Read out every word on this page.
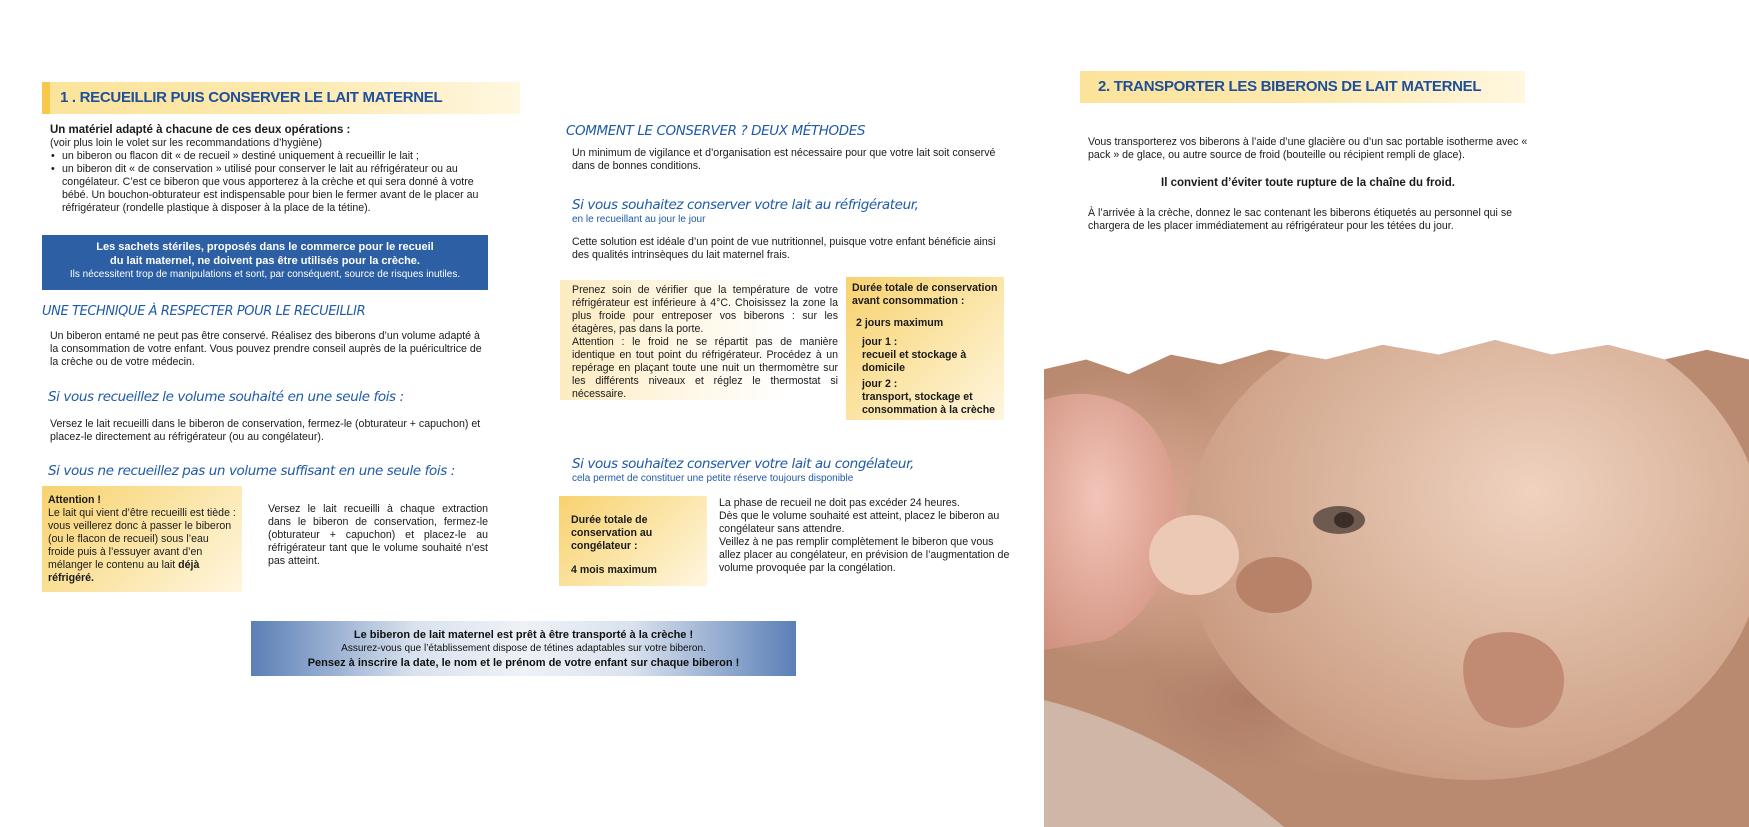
1 . RECUEILLIR PUIS CONSERVER LE LAIT MATERNEL
Un matériel adapté à chacune de ces deux opérations :
(voir plus loin le volet sur les recommandations d’hygiène)
• un biberon ou flacon dit « de recueil » destiné uniquement à recueillir le lait ;
• un biberon dit « de conservation » utilisé pour conserver le lait au réfrigérateur ou au congélateur. C’est ce biberon que vous apporterez à la crèche et qui sera donné à votre bébé. Un bouchon-obturateur est indispensable pour bien le fermer avant de le placer au réfrigérateur (rondelle plastique à disposer à la place de la tétine).
Les sachets stériles, proposés dans le commerce pour le recueil
du lait maternel, ne doivent pas être utilisés pour la crèche.
Ils nécessitent trop de manipulations et sont, par conséquent, source de risques inutiles.
UNE TECHNIQUE À RESPECTER POUR LE RECUEILLIR
Un biberon entamé ne peut pas être conservé. Réalisez des biberons d’un volume adapté à la consommation de votre enfant. Vous pouvez prendre conseil auprès de la puéricultrice de la crèche ou de votre médecin.
Si vous recueillez le volume souhaité en une seule fois :
Versez le lait recueilli dans le biberon de conservation, fermez-le (obturateur + capuchon) et placez-le directement au réfrigérateur (ou au congélateur).
Si vous ne recueillez pas un volume suffisant en une seule fois :
Attention !
Le lait qui vient d’être recueilli est tiède : vous veillerez donc à passer le biberon (ou le flacon de recueil) sous l’eau froide puis à l’essuyer avant d’en mélanger le contenu au lait déjà réfrigéré.
Versez le lait recueilli à chaque extraction dans le biberon de conservation, fermez-le (obturateur + capuchon) et placez-le au réfrigérateur tant que le volume souhaité n’est pas atteint.
Le biberon de lait maternel est prêt à être transporté à la crèche !
Assurez-vous que l’établissement dispose de tétines adaptables sur votre biberon.
Pensez à inscrire la date, le nom et le prénom de votre enfant sur chaque biberon !
COMMENT LE CONSERVER ? DEUX MÉTHODES
Un minimum de vigilance et d’organisation est nécessaire pour que votre lait soit conservé dans de bonnes conditions.
Si vous souhaitez conserver votre lait au réfrigérateur,
en le recueillant au jour le jour
Cette solution est idéale d’un point de vue nutritionnel, puisque votre enfant bénéficie ainsi des qualités intrinsèques du lait maternel frais.
Prenez soin de vérifier que la température de votre réfrigérateur est inférieure à 4°C. Choisissez la zone la plus froide pour entreposer vos biberons : sur les étagères, pas dans la porte.
Attention : le froid ne se répartit pas de manière identique en tout point du réfrigérateur. Procédez à un repérage en plaçant toute une nuit un thermomètre sur les différents niveaux et réglez le thermostat si nécessaire.
Durée totale de conservation avant consommation :
2 jours maximum
jour 1 :
recueil et stockage à domicile
jour 2 :
transport, stockage et consommation à la crèche
Si vous souhaitez conserver votre lait au congélateur,
cela permet de constituer une petite réserve toujours disponible
Durée totale de conservation au congélateur :
4 mois maximum
La phase de recueil ne doit pas excéder 24 heures.
Dès que le volume souhaité est atteint, placez le biberon au congélateur sans attendre.
Veillez à ne pas remplir complètement le biberon que vous allez placer au congélateur, en prévision de l’augmentation de volume provoquée par la congélation.
2. TRANSPORTER LES BIBERONS DE LAIT MATERNEL
Vous transporterez vos biberons à l’aide d’une glacière ou d’un sac portable isotherme avec « pack » de glace, ou autre source de froid (bouteille ou récipient rempli de glace).
Il convient d’éviter toute rupture de la chaîne du froid.
À l’arrivée à la crèche, donnez le sac contenant les biberons étiquetés au personnel qui se chargera de les placer immédiatement au réfrigérateur pour les tétées du jour.
